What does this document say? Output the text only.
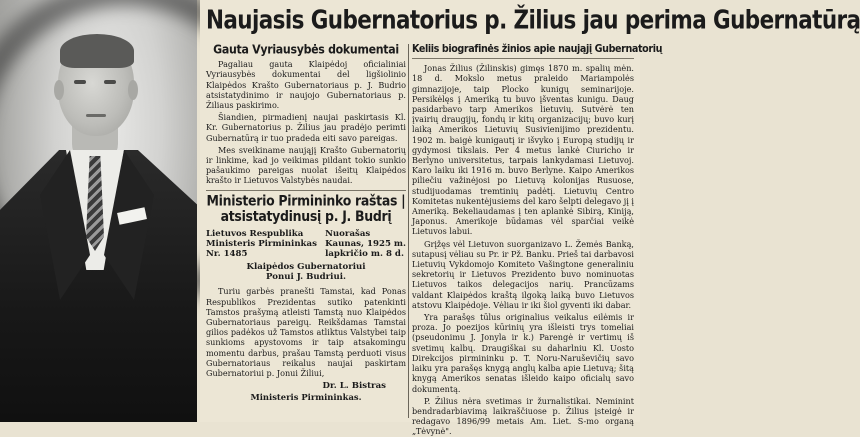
Naujasis Gubernatorius p. Žilius jau perima Gubernatūrą
Gauta Vyriausybės dokumentai

Pagaliau gauta Klaipėdoj oficialiniai Vyriausybės dokumentai del ligšiolinio Klaipėdos Krašto Gubernatoriaus p. J. Budrio atsistatydinimo ir naujojo Gubernatoriaus p. Žiliaus paskirimo.

Šiandien, pirmadienį naujai paskirtasis Kl. Kr. Gubernatorius p. Žilius jau pradėjo perimti Gubernatūrą ir tuo pradeda eiti savo pareigas.

Mes sveikiname naująjį Krašto Gubernatorių ir linkime, kad jo veikimas pildant tokio sunkio pašaukimo pareigas nuolat išeitų Klaipėdos krašto ir Lietuvos Valstybės naudai.

Ministerio Pirmininko raštas | atsistatydinusį p. J. Budrį
Lietuvos Respublika
Ministeris Pirmininkas
Nr. 1485
Nuorašas
Kaunas, 1925 m.
lapkričio m. 8 d.
Klaipėdos Gubernatoriui
Ponui J. Budriui.

Turiu garbės pranešti Tamstai, kad Ponas Respublikos Prezidentas sutiko patenkinti Tamstos prašymą atleisti Tamstą nuo Klaipėdos Gubernatoriaus pareigų. Reikšdamas Tamstai gilios padėkos už Tamstos atliktus Valstybei taip sunkioms apystovoms ir taip atsakomingu momentu darbus, prašau Tamstą perduoti visus Gubernatoriaus reikalus naujai paskirtam Gubernatoriui p. Jonui Žiliui,

Dr. L. Bistras
Ministeris Pirmininkas.
Keliis biografinės žinios apie naująjį Gubernatorių

Jonas Žilius (Žilinskis) gimęs 1870 m. spalių mėn. 18 d. Mokslo metus praleido Mariampolės gimnazijoje, taip Plocko kunigų seminarijoje. Persikėlęs į Ameriką tu buvo įšventas kunigu. Daug pasidarbavo tarp Amerikos lietuvių. Sutvėrė ten įvairių draugijų, fondų ir kitų organizacijų; buvo kurį laiką Amerikos Lietuvių Susivienijimo prezidentu. 1902 m. baigė kunigautį ir išvyko į Europą studijų ir gydymosi tikslais. Per 4 metus lankė Ciuricho ir Berlyno universitetus, tarpais lankydamasi Lietuvoj. Karo laiku iki 1916 m. buvo Berlyne. Kaipo Amerikos piliečiu važinėjosi po Lietuvą kolonijas Rusuose, studijuodamas tremtinių padėtį. Lietuvių Centro Komitetas nukentėjusiems del karo šelpti delegavo jį į Ameriką. Bekeliaudamas į ten aplankė Sibirą, Kiniją, Japonus. Amerikoje būdamas vėl sparčiai veikė Lietuvos labui.

Grįžęs vėl Lietuvon suorganizavo L. Žemės Banką, sutapusį vėliau su Pr. ir Pž. Banku. Prieš tai darbavosi Lietuvių Vykdomojo Komiteto Vašingtone generaliniu sekretorių ir Lietuvos Prezidento buvo nominuotas Lietuvos taikos delegacijos narių. Prancūzams valdant Klaipėdos kraštą ilgoką laiką buvo Lietuvos atstovu Klaipėdoje. Vėliau ir iki šiol gyventi iki dabar.

Yra parašęs tūlus originalius veikalus eilėmis ir proza. Jo poezijos kūrinių yra išleisti trys tomeliai (pseudonimu J. Jonyla ir k.) Parengė ir vertimų iš svetimų kalbų. Draugiškai su daharlniu Kl. Uosto Direkcijos pirmininku p. T. Noru-Naruševičių savo laiku yra parašęs knygą anglų kalba apie Lietuvą; šitą knygą Amerikos senatas išleido kaipo oficialų savo dokumentą.

P. Žilius nėra svetimas ir žurnalistikai. Neminint bendradarbiavimą laikraščiuose p. Žilius įsteigė ir redagavo 1896/99 metais Am. Liet. S-mo organą „Tėvynė".
